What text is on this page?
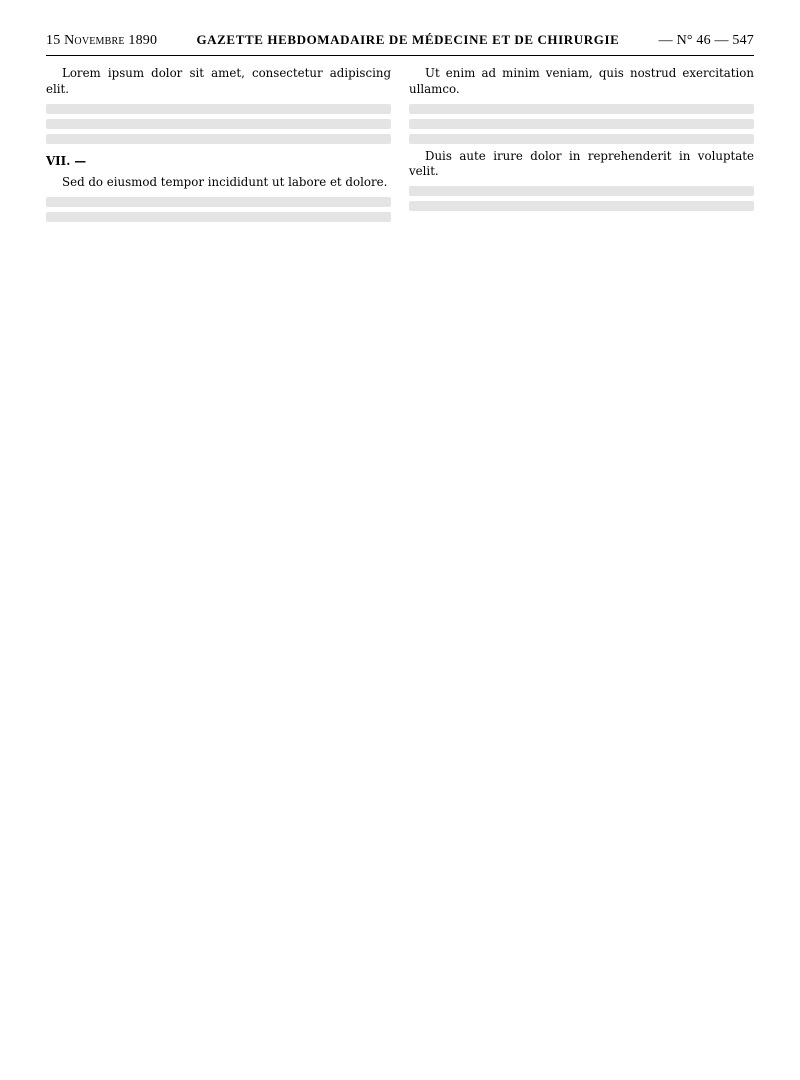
15 Novembre 1890	GAZETTE HEBDOMADAIRE DE MÉDECINE ET DE CHIRURGIE	— N° 46 — 547

Lorem ipsum dolor sit amet, consectetur adipiscing elit.

VII. —

Sed do eiusmod tempor incididunt ut labore et dolore.

Ut enim ad minim veniam, quis nostrud exercitation ullamco.

Duis aute irure dolor in reprehenderit in voluptate velit.
